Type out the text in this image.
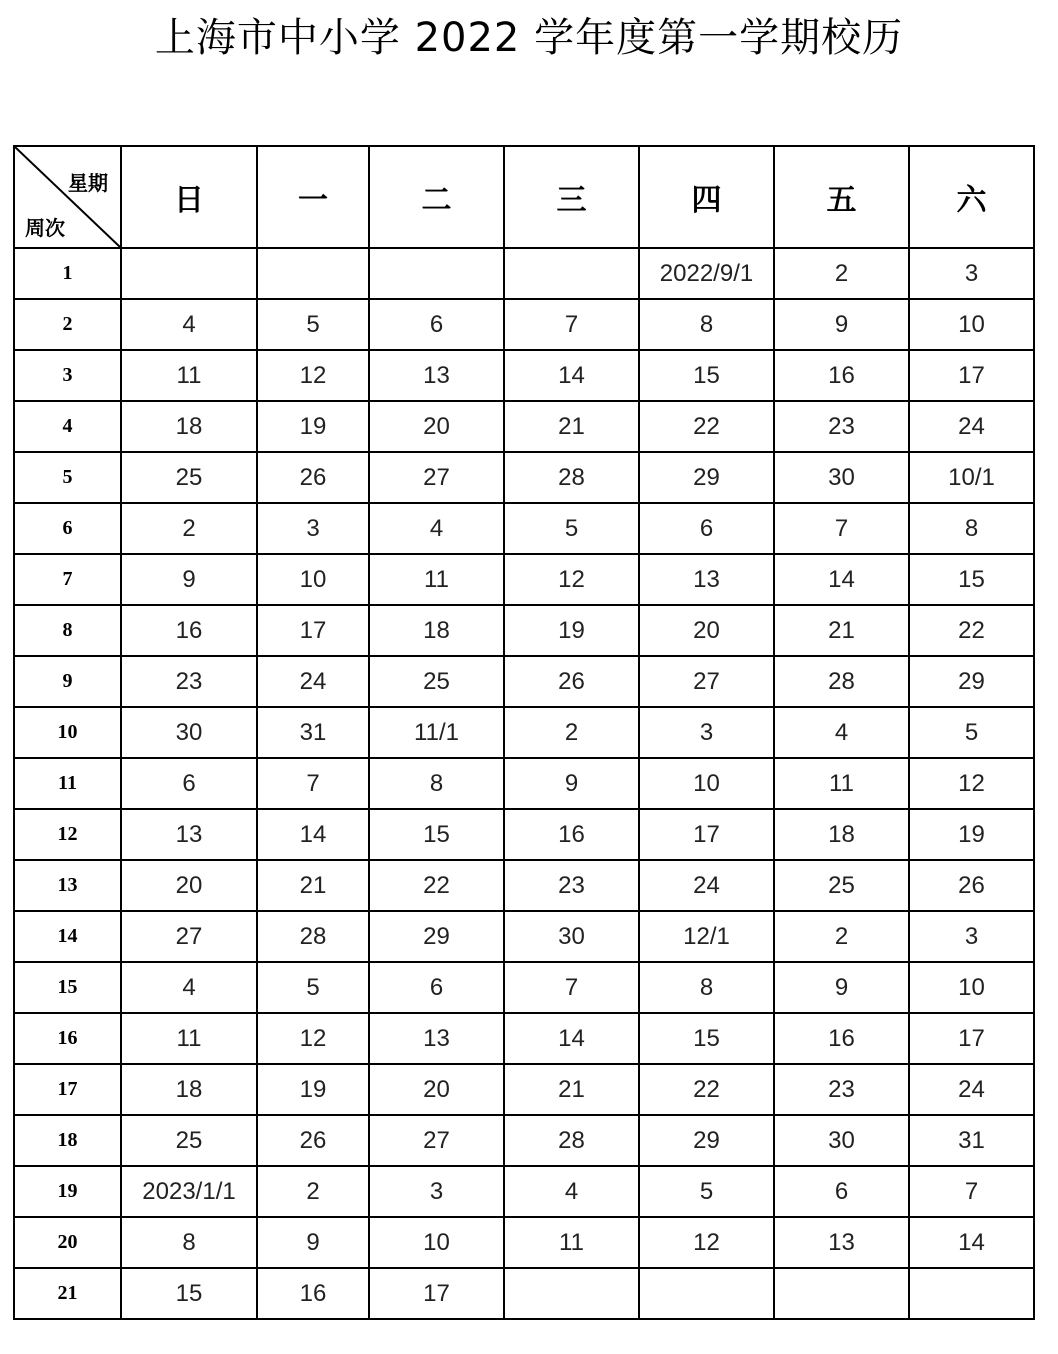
上海市中小学 2022 学年度第一学期校历
星期
周次	日	一	二	三	四	五	六
1					2022/9/1	2	3
2	4	5	6	7	8	9	10
3	11	12	13	14	15	16	17
4	18	19	20	21	22	23	24
5	25	26	27	28	29	30	10/1
6	2	3	4	5	6	7	8
7	9	10	11	12	13	14	15
8	16	17	18	19	20	21	22
9	23	24	25	26	27	28	29
10	30	31	11/1	2	3	4	5
11	6	7	8	9	10	11	12
12	13	14	15	16	17	18	19
13	20	21	22	23	24	25	26
14	27	28	29	30	12/1	2	3
15	4	5	6	7	8	9	10
16	11	12	13	14	15	16	17
17	18	19	20	21	22	23	24
18	25	26	27	28	29	30	31
19	2023/1/1	2	3	4	5	6	7
20	8	9	10	11	12	13	14
21	15	16	17				
